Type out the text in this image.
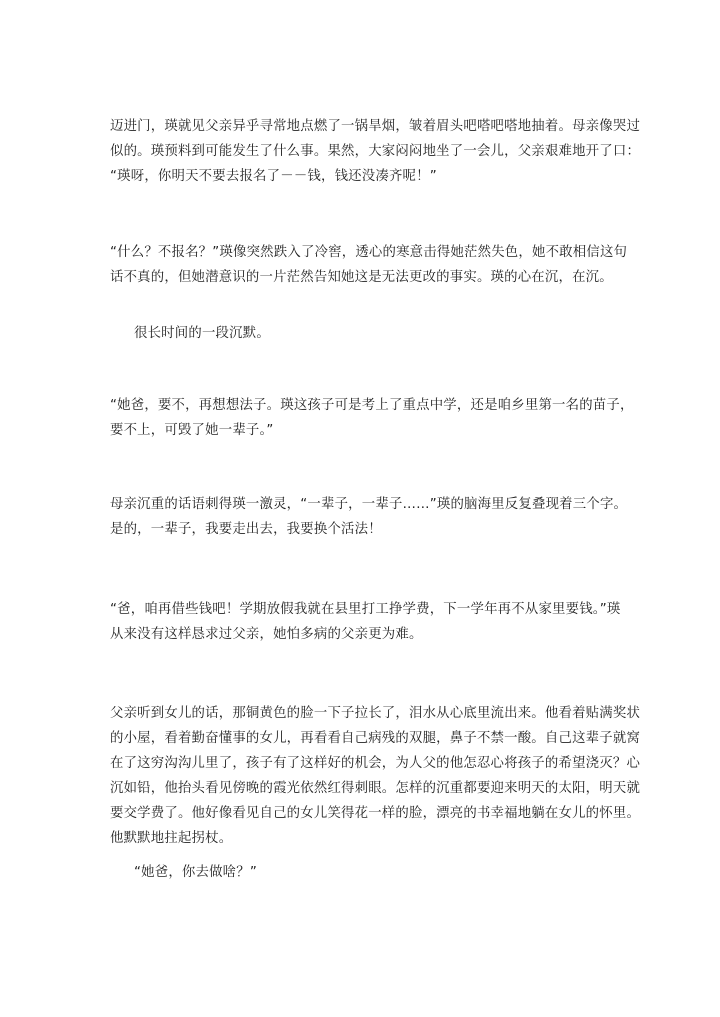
迈进门，瑛就见父亲异乎寻常地点燃了一锅旱烟，皱着眉头吧嗒吧嗒地抽着。母亲像哭过
似的。瑛预料到可能发生了什么事。果然，大家闷闷地坐了一会儿，父亲艰难地开了口：
“瑛呀，你明天不要去报名了－－钱，钱还没凑齐呢！”
“什么？不报名？”瑛像突然跌入了冷窖，透心的寒意击得她茫然失色，她不敢相信这句
话不真的，但她潜意识的一片茫然告知她这是无法更改的事实。瑛的心在沉，在沉。
很长时间的一段沉默。
“她爸，要不，再想想法子。瑛这孩子可是考上了重点中学，还是咱乡里第一名的苗子，
要不上，可毁了她一辈子。”
母亲沉重的话语刺得瑛一激灵，“一辈子，一辈子……”瑛的脑海里反复叠现着三个字。
是的，一辈子，我要走出去，我要换个活法！
“爸，咱再借些钱吧！学期放假我就在县里打工挣学费，下一学年再不从家里要钱。”瑛
从来没有这样恳求过父亲，她怕多病的父亲更为难。
父亲听到女儿的话，那铜黄色的脸一下子拉长了，泪水从心底里流出来。他看着贴满奖状
的小屋，看着勤奋懂事的女儿，再看看自己病残的双腿，鼻子不禁一酸。自己这辈子就窝
在了这穷沟沟儿里了，孩子有了这样好的机会，为人父的他怎忍心将孩子的希望浇灭？心
沉如铅，他抬头看见傍晚的霞光依然红得刺眼。怎样的沉重都要迎来明天的太阳，明天就
要交学费了。他好像看见自己的女儿笑得花一样的脸，漂亮的书幸福地躺在女儿的怀里。
他默默地拄起拐杖。
“她爸，你去做啥？”
